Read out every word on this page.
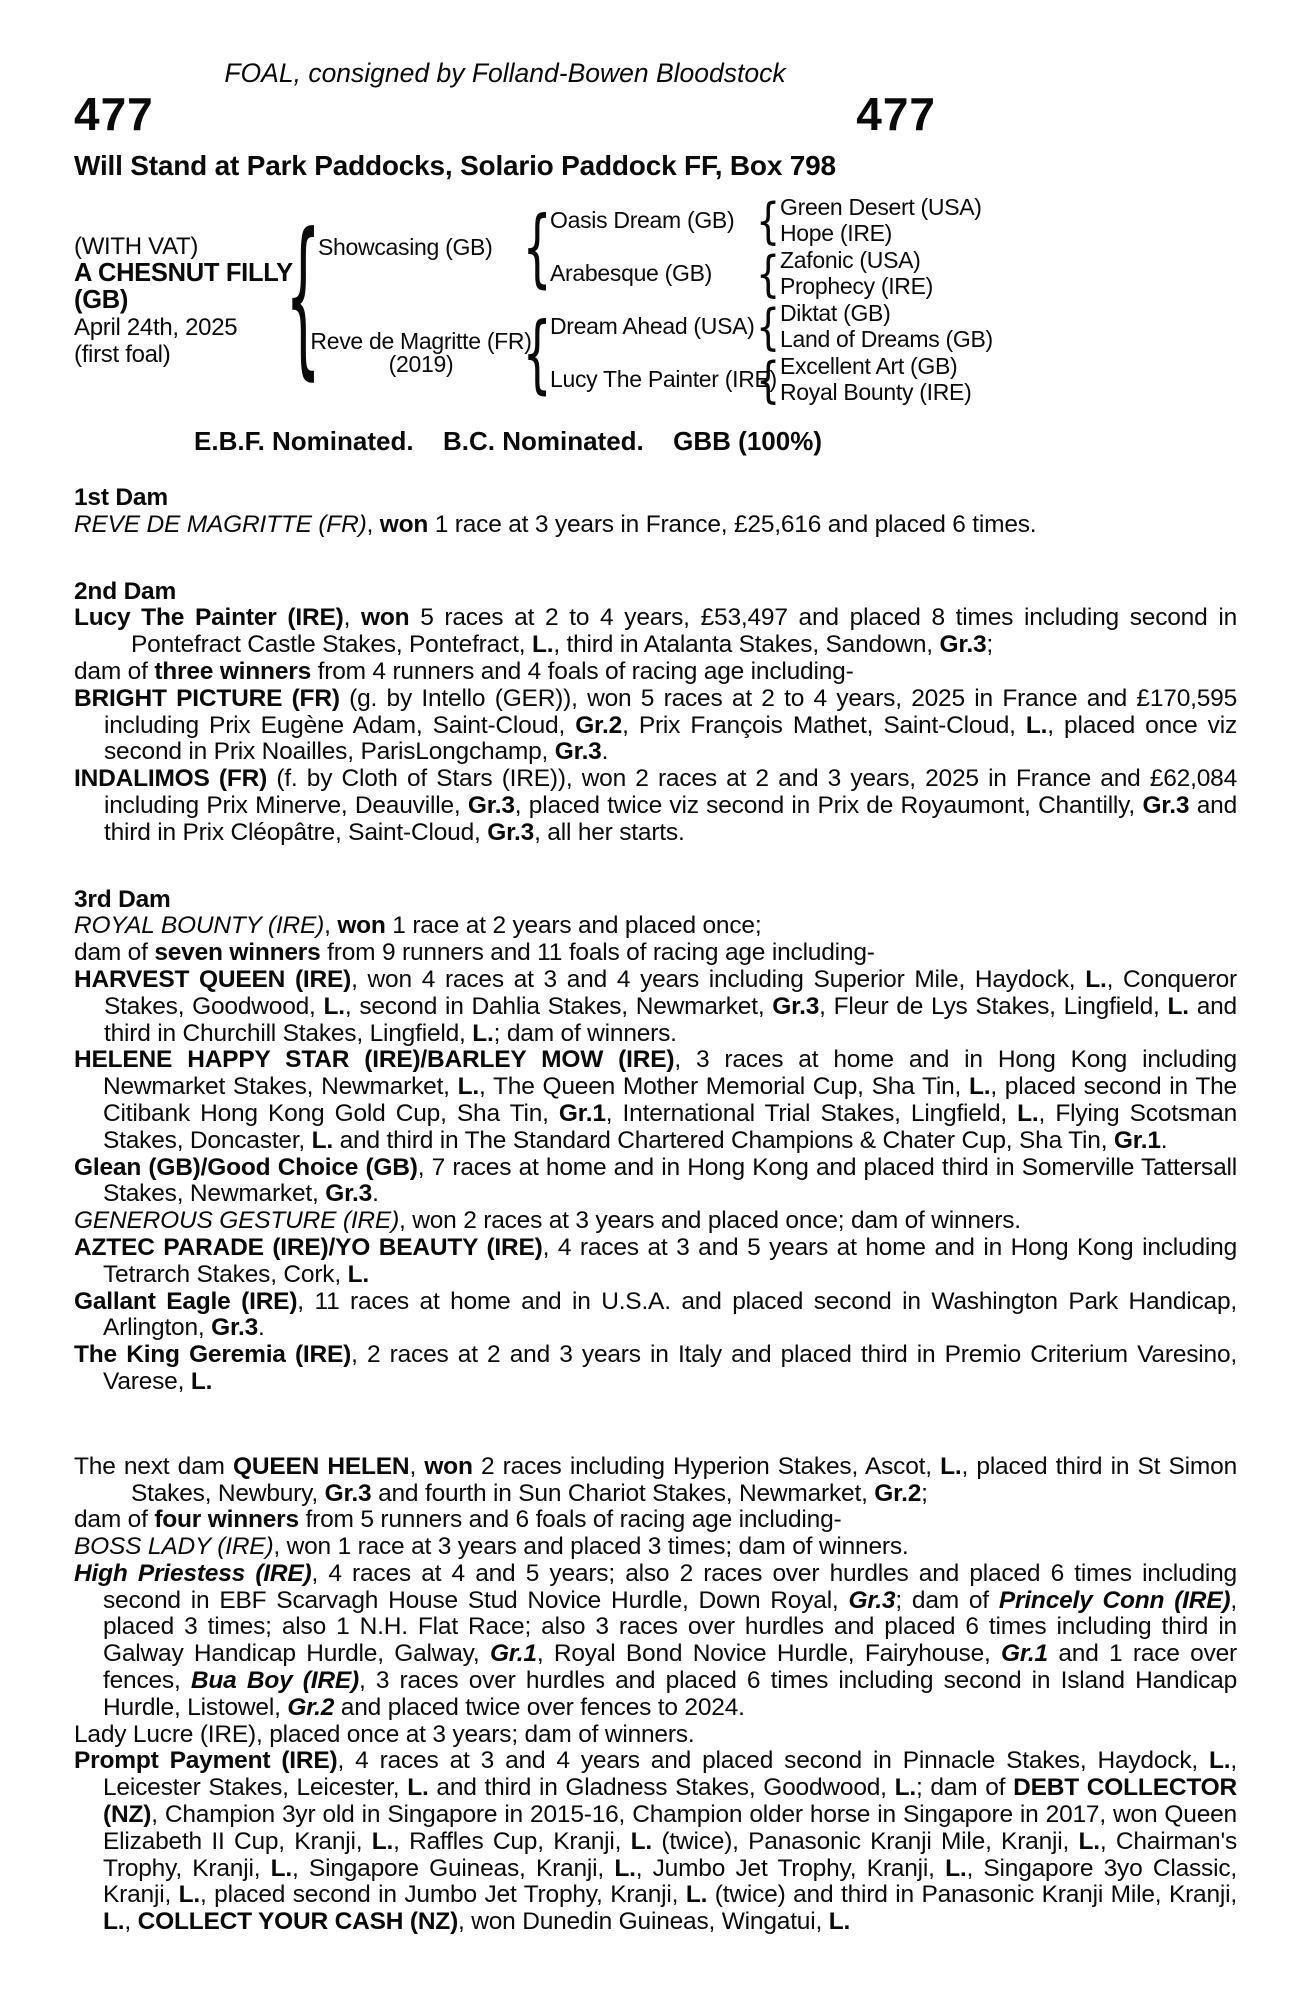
FOAL, consigned by Folland-Bowen Bloodstock
477	477
Will Stand at Park Paddocks, Solario Paddock FF, Box 798
(WITH VAT)
A CHESNUT FILLY
(GB)
April 24th, 2025
(first foal)
{
Showcasing (GB)
Reve de Magritte (FR)
(2019)
{
{
Oasis Dream (GB)
Arabesque (GB)
Dream Ahead (USA)
Lucy The Painter (IRE)
{
{
{
{
Green Desert (USA)
Hope (IRE)
Zafonic (USA)
Prophecy (IRE)
Diktat (GB)
Land of Dreams (GB)
Excellent Art (GB)
Royal Bounty (IRE)
E.B.F. Nominated. B.C. Nominated. GBB (100%)
1st Dam

REVE DE MAGRITTE (FR), won 1 race at 3 years in France, £25,616 and placed 6 times.

2nd Dam

Lucy The Painter (IRE), won 5 races at 2 to 4 years, £53,497 and placed 8 times including second in Pontefract Castle Stakes, Pontefract, L., third in Atalanta Stakes, Sandown, Gr.3;

dam of three winners from 4 runners and 4 foals of racing age including-

BRIGHT PICTURE (FR) (g. by Intello (GER)), won 5 races at 2 to 4 years, 2025 in France and £170,595 including Prix Eugène Adam, Saint-Cloud, Gr.2, Prix François Mathet, Saint-Cloud, L., placed once viz second in Prix Noailles, ParisLongchamp, Gr.3.

INDALIMOS (FR) (f. by Cloth of Stars (IRE)), won 2 races at 2 and 3 years, 2025 in France and £62,084 including Prix Minerve, Deauville, Gr.3, placed twice viz second in Prix de Royaumont, Chantilly, Gr.3 and third in Prix Cléopâtre, Saint-Cloud, Gr.3, all her starts.

3rd Dam

ROYAL BOUNTY (IRE), won 1 race at 2 years and placed once;

dam of seven winners from 9 runners and 11 foals of racing age including-

HARVEST QUEEN (IRE), won 4 races at 3 and 4 years including Superior Mile, Haydock, L., Conqueror Stakes, Goodwood, L., second in Dahlia Stakes, Newmarket, Gr.3, Fleur de Lys Stakes, Lingfield, L. and third in Churchill Stakes, Lingfield, L.; dam of winners.

HELENE HAPPY STAR (IRE)/BARLEY MOW (IRE), 3 races at home and in Hong Kong including Newmarket Stakes, Newmarket, L., The Queen Mother Memorial Cup, Sha Tin, L., placed second in The Citibank Hong Kong Gold Cup, Sha Tin, Gr.1, International Trial Stakes, Lingfield, L., Flying Scotsman Stakes, Doncaster, L. and third in The Standard Chartered Champions & Chater Cup, Sha Tin, Gr.1.

Glean (GB)/Good Choice (GB), 7 races at home and in Hong Kong and placed third in Somerville Tattersall Stakes, Newmarket, Gr.3.

GENEROUS GESTURE (IRE), won 2 races at 3 years and placed once; dam of winners.

AZTEC PARADE (IRE)/YO BEAUTY (IRE), 4 races at 3 and 5 years at home and in Hong Kong including Tetrarch Stakes, Cork, L.

Gallant Eagle (IRE), 11 races at home and in U.S.A. and placed second in Washington Park Handicap, Arlington, Gr.3.

The King Geremia (IRE), 2 races at 2 and 3 years in Italy and placed third in Premio Criterium Varesino, Varese, L.

The next dam QUEEN HELEN, won 2 races including Hyperion Stakes, Ascot, L., placed third in St Simon Stakes, Newbury, Gr.3 and fourth in Sun Chariot Stakes, Newmarket, Gr.2;

dam of four winners from 5 runners and 6 foals of racing age including-

BOSS LADY (IRE), won 1 race at 3 years and placed 3 times; dam of winners.

High Priestess (IRE), 4 races at 4 and 5 years; also 2 races over hurdles and placed 6 times including second in EBF Scarvagh House Stud Novice Hurdle, Down Royal, Gr.3; dam of Princely Conn (IRE), placed 3 times; also 1 N.H. Flat Race; also 3 races over hurdles and placed 6 times including third in Galway Handicap Hurdle, Galway, Gr.1, Royal Bond Novice Hurdle, Fairyhouse, Gr.1 and 1 race over fences, Bua Boy (IRE), 3 races over hurdles and placed 6 times including second in Island Handicap Hurdle, Listowel, Gr.2 and placed twice over fences to 2024.

Lady Lucre (IRE), placed once at 3 years; dam of winners.

Prompt Payment (IRE), 4 races at 3 and 4 years and placed second in Pinnacle Stakes, Haydock, L., Leicester Stakes, Leicester, L. and third in Gladness Stakes, Goodwood, L.; dam of DEBT COLLECTOR (NZ), Champion 3yr old in Singapore in 2015-16, Champion older horse in Singapore in 2017, won Queen Elizabeth II Cup, Kranji, L., Raffles Cup, Kranji, L. (twice), Panasonic Kranji Mile, Kranji, L., Chairman's Trophy, Kranji, L., Singapore Guineas, Kranji, L., Jumbo Jet Trophy, Kranji, L., Singapore 3yo Classic, Kranji, L., placed second in Jumbo Jet Trophy, Kranji, L. (twice) and third in Panasonic Kranji Mile, Kranji, L., COLLECT YOUR CASH (NZ), won Dunedin Guineas, Wingatui, L.
